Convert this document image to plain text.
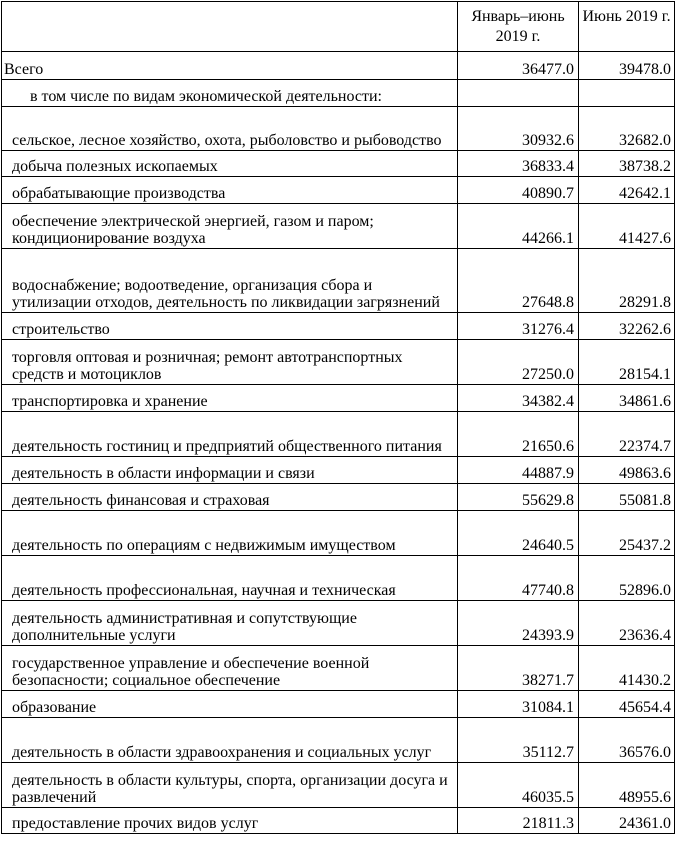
	Январь–июнь 2019 г.	Июнь 2019 г.
Всего	36477.0	39478.0
в том числе по видам экономической деятельности:		
сельское, лесное хозяйство, охота, рыболовство и рыбоводство	30932.6	32682.0
добыча полезных ископаемых	36833.4	38738.2
обрабатывающие производства	40890.7	42642.1
обеспечение электрической энергией, газом и паром; кондиционирование воздуха	44266.1	41427.6
водоснабжение; водоотведение, организация сбора и утилизации отходов, деятельность по ликвидации загрязнений	27648.8	28291.8
строительство	31276.4	32262.6
торговля оптовая и розничная; ремонт автотранспортных средств и мотоциклов	27250.0	28154.1
транспортировка и хранение	34382.4	34861.6
деятельность гостиниц и предприятий общественного питания	21650.6	22374.7
деятельность в области информации и связи	44887.9	49863.6
деятельность финансовая и страховая	55629.8	55081.8
деятельность по операциям с недвижимым имуществом	24640.5	25437.2
деятельность профессиональная, научная и техническая	47740.8	52896.0
деятельность административная и сопутствующие дополнительные услуги	24393.9	23636.4
государственное управление и обеспечение военной безопасности; социальное обеспечение	38271.7	41430.2
образование	31084.1	45654.4
деятельность в области здравоохранения и социальных услуг	35112.7	36576.0
деятельность в области культуры, спорта, организации досуга и развлечений	46035.5	48955.6
предоставление прочих видов услуг	21811.3	24361.0
